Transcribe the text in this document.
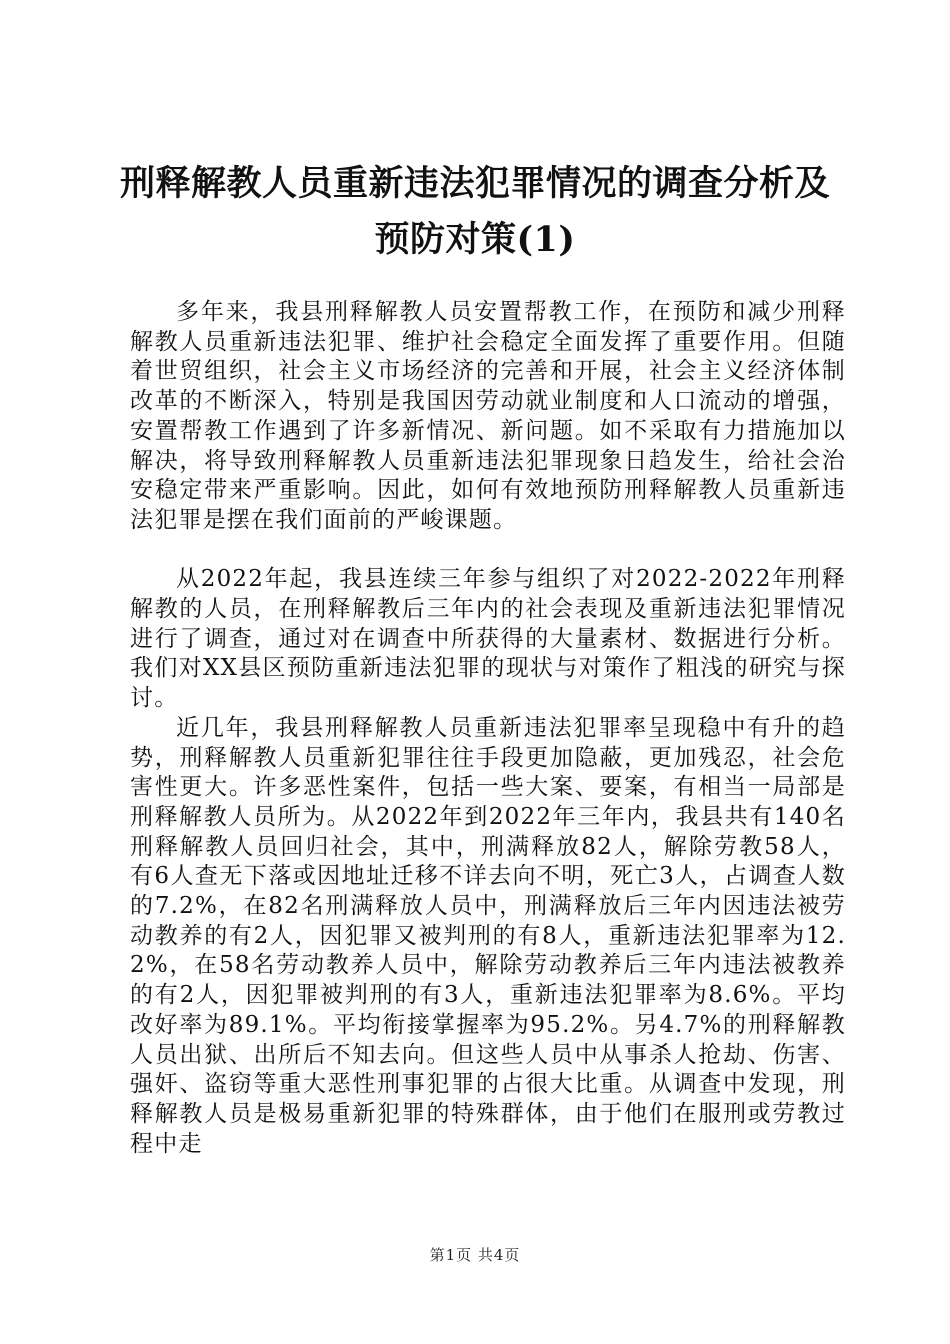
刑释解教人员重新违法犯罪情况的调查分析及
预防对策(1)

多年来，我县刑释解教人员安置帮教工作，在预防和减少刑释解教人员重新违法犯罪、维护社会稳定全面发挥了重要作用。但随着世贸组织，社会主义市场经济的完善和开展，社会主义经济体制改革的不断深入，特别是我国因劳动就业制度和人口流动的增强，安置帮教工作遇到了许多新情况、新问题。如不采取有力措施加以解决，将导致刑释解教人员重新违法犯罪现象日趋发生，给社会治安稳定带来严重影响。因此，如何有效地预防刑释解教人员重新违法犯罪是摆在我们面前的严峻课题。

从2022年起，我县连续三年参与组织了对2022-2022年刑释解教的人员，在刑释解教后三年内的社会表现及重新违法犯罪情况进行了调查，通过对在调查中所获得的大量素材、数据进行分析。我们对XX县区预防重新违法犯罪的现状与对策作了粗浅的研究与探讨。

近几年，我县刑释解教人员重新违法犯罪率呈现稳中有升的趋势，刑释解教人员重新犯罪往往手段更加隐蔽，更加残忍，社会危害性更大。许多恶性案件，包括一些大案、要案，有相当一局部是刑释解教人员所为。从2022年到2022年三年内，我县共有140名刑释解教人员回归社会，其中，刑满释放82人，解除劳教58人，有6人查无下落或因地址迁移不详去向不明，死亡3人，占调查人数的7.2%，在82名刑满释放人员中，刑满释放后三年内因违法被劳动教养的有2人，因犯罪又被判刑的有8人，重新违法犯罪率为12.2%，在58名劳动教养人员中，解除劳动教养后三年内违法被教养的有2人，因犯罪被判刑的有3人，重新违法犯罪率为8.6%。平均改好率为89.1%。平均衔接掌握率为95.2%。另4.7%的刑释解教人员出狱、出所后不知去向。但这些人员中从事杀人抢劫、伤害、强奸、盗窃等重大恶性刑事犯罪的占很大比重。从调查中发现，刑释解教人员是极易重新犯罪的特殊群体，由于他们在服刑或劳教过程中走

第1页 共4页
